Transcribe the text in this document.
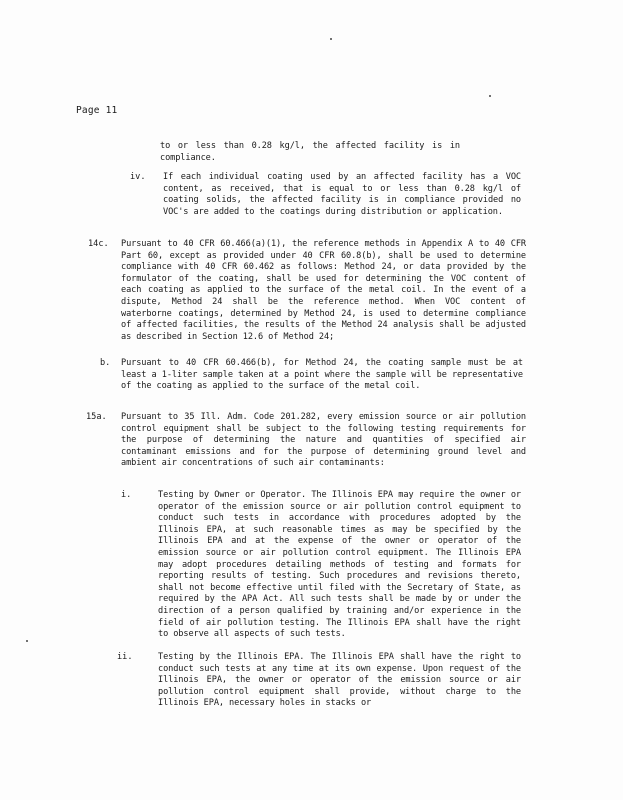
Page 11
to or less than 0.28 kg/l, the affected facility is in compliance.
iv. If each individual coating used by an affected facility has a VOC content, as received, that is equal to or less than 0.28 kg/l of coating solids, the affected facility is in compliance provided no VOC's are added to the coatings during distribution or application.
14c. Pursuant to 40 CFR 60.466(a)(1), the reference methods in Appendix A to 40 CFR Part 60, except as provided under 40 CFR 60.8(b), shall be used to determine compliance with 40 CFR 60.462 as follows: Method 24, or data provided by the formulator of the coating, shall be used for determining the VOC content of each coating as applied to the surface of the metal coil. In the event of a dispute, Method 24 shall be the reference method. When VOC content of waterborne coatings, determined by Method 24, is used to determine compliance of affected facilities, the results of the Method 24 analysis shall be adjusted as described in Section 12.6 of Method 24;
b. Pursuant to 40 CFR 60.466(b), for Method 24, the coating sample must be at least a 1-liter sample taken at a point where the sample will be representative of the coating as applied to the surface of the metal coil.
15a. Pursuant to 35 Ill. Adm. Code 201.282, every emission source or air pollution control equipment shall be subject to the following testing requirements for the purpose of determining the nature and quantities of specified air contaminant emissions and for the purpose of determining ground level and ambient air concentrations of such air contaminants:
i.	Testing by Owner or Operator. The Illinois EPA may require the owner or operator of the emission source or air pollution control equipment to conduct such tests in accordance with procedures adopted by the Illinois EPA, at such reasonable times as may be specified by the Illinois EPA and at the expense of the owner or operator of the emission source or air pollution control equipment. The Illinois EPA may adopt procedures detailing methods of testing and formats for reporting results of testing. Such procedures and revisions thereto, shall not become effective until filed with the Secretary of State, as required by the APA Act. All such tests shall be made by or under the direction of a person qualified by training and/or experience in the field of air pollution testing. The Illinois EPA shall have the right to observe all aspects of such tests.
ii.	Testing by the Illinois EPA. The Illinois EPA shall have the right to conduct such tests at any time at its own expense. Upon request of the Illinois EPA, the owner or operator of the emission source or air pollution control equipment shall provide, without charge to the Illinois EPA, necessary holes in stacks or
